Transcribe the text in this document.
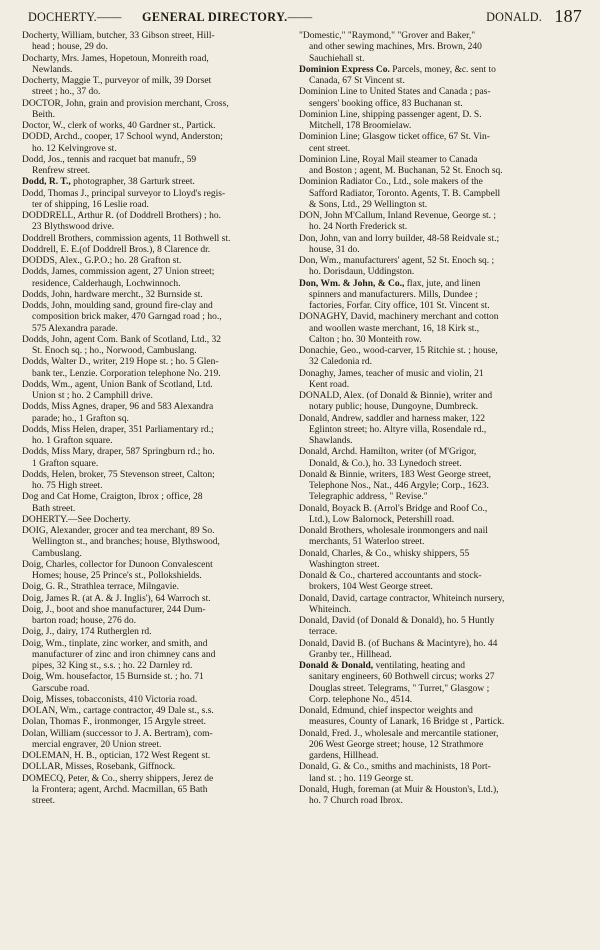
DOCHERTY.—— GENERAL DIRECTORY.——	DONALD. 187
Docherty, William, butcher, 33 Gibson street, Hill-

head ; house, 29 do.
Docharty, Mrs. James, Hopetoun, Monreith road,

Newlands.
Docherty, Maggie T., purveyor of milk, 39 Dorset

street ; ho., 37 do.
DOCTOR, John, grain and provision merchant, Cross,

Beith.
Doctor, W., clerk of works, 40 Gardner st., Partick.
DODD, Archd., cooper, 17 School wynd, Anderston;

ho. 12 Kelvingrove st.
Dodd, Jos., tennis and racquet bat manufr., 59

Renfrew street.
Dodd, R. T., photographer, 38 Garturk street.
Dodd, Thomas J., principal surveyor to Lloyd's regis-

ter of shipping, 16 Leslie road.
DODDRELL, Arthur R. (of Doddrell Brothers) ; ho.

23 Blythswood drive.
Doddrell Brothers, commission agents, 11 Bothwell st.
Doddrell, E. E.(of Doddrell Bros.), 8 Clarence dr.
DODDS, Alex., G.P.O.; ho. 28 Grafton st.
Dodds, James, commission agent, 27 Union street;

residence, Calderhaugh, Lochwinnoch.
Dodds, John, hardware mercht., 32 Burnside st.
Dodds, John, moulding sand, ground fire-clay and

composition brick maker, 470 Garngad road ; ho.,
575 Alexandra parade.
Dodds, John, agent Com. Bank of Scotland, Ltd., 32

St. Enoch sq. ; ho., Norwood, Cambuslang.
Dodds, Walter D., writer, 219 Hope st. ; ho. 5 Glen-

bank ter., Lenzie. Corporation telephone No. 219.
Dodds, Wm., agent, Union Bank of Scotland, Ltd.

Union st ; ho. 2 Camphill drive.
Dodds, Miss Agnes, draper, 96 and 583 Alexandra

parade; ho., 1 Grafton sq.
Dodds, Miss Helen, draper, 351 Parliamentary rd.;

ho. 1 Grafton square.
Dodds, Miss Mary, draper, 587 Springburn rd.; ho.

1 Grafton square.
Dodds, Helen, broker, 75 Stevenson street, Calton;

ho. 75 High street.
Dog and Cat Home, Craigton, Ibrox ; office, 28

Bath street.
DOHERTY.—See Docherty.
DOIG, Alexander, grocer and tea merchant, 89 So.

Wellington st., and branches; house, Blythswood,
Cambuslang.
Doig, Charles, collector for Dunoon Convalescent

Homes; house, 25 Prince's st., Pollokshields.
Doig, G. R., Strathlea terrace, Milngavie.
Doig, James R. (at A. & J. Inglis'), 64 Warroch st.
Doig, J., boot and shoe manufacturer, 244 Dum-

barton road; house, 276 do.
Doig, J., dairy, 174 Rutherglen rd.
Doig, Wm., tinplate, zinc worker, and smith, and

manufacturer of zinc and iron chimney cans and
pipes, 32 King st., s.s. ; ho. 22 Darnley rd.
Doig, Wm. housefactor, 15 Burnside st. ; ho. 71

Garscube road.
Doig, Misses, tobacconists, 410 Victoria road.
DOLAN, Wm., cartage contractor, 49 Dale st., s.s.
Dolan, Thomas F., ironmonger, 15 Argyle street.
Dolan, William (successor to J. A. Bertram), com-

mercial engraver, 20 Union street.
DOLEMAN, H. B., optician, 172 West Regent st.
DOLLAR, Misses, Rosebank, Giffnock.
DOMECQ, Peter, & Co., sherry shippers, Jerez de

la Frontera; agent, Archd. Macmillan, 65 Bath
street.
"Domestic," "Raymond," "Grover and Baker,"

and other sewing machines, Mrs. Brown, 240
Sauchiehall st.
Dominion Express Co. Parcels, money, &c. sent to

Canada, 67 St Vincent st.
Dominion Line to United States and Canada ; pas-

sengers' booking office, 83 Buchanan st.
Dominion Line, shipping passenger agent, D. S.

Mitchell, 178 Broomielaw.
Dominion Line; Glasgow ticket office, 67 St. Vin-

cent street.
Dominion Line, Royal Mail steamer to Canada

and Boston ; agent, M. Buchanan, 52 St. Enoch sq.
Dominion Radiator Co., Ltd., sole makers of the

Safford Radiator, Toronto. Agents, T. B. Campbell
& Sons, Ltd., 29 Wellington st.
DON, John M'Callum, Inland Revenue, George st. ;

ho. 24 North Frederick st.
Don, John, van and lorry builder, 48-58 Reidvale st.;

house, 31 do.
Don, Wm., manufacturers' agent, 52 St. Enoch sq. ;

ho. Dorisdaun, Uddingston.
Don, Wm. & John, & Co., flax, jute, and linen

spinners and manufacturers. Mills, Dundee ;
factories, Forfar. City office, 101 St. Vincent st.
DONAGHY, David, machinery merchant and cotton

and woollen waste merchant, 16, 18 Kirk st.,
Calton ; ho. 30 Monteith row.
Donachie, Geo., wood-carver, 15 Ritchie st. ; house,

32 Caledonia rd.
Donaghy, James, teacher of music and violin, 21

Kent road.
DONALD, Alex. (of Donald & Binnie), writer and

notary public; house, Dungoyne, Dumbreck.
Donald, Andrew, saddler and harness maker, 122

Eglinton street; ho. Altyre villa, Rosendale rd.,
Shawlands.
Donald, Archd. Hamilton, writer (of M'Grigor,

Donald, & Co.), ho. 33 Lynedoch street.
Donald & Binnie, writers, 183 West George street,

Telephone Nos., Nat., 446 Argyle; Corp., 1623.
Telegraphic address, " Revise."
Donald, Boyack B. (Arrol's Bridge and Roof Co.,

Ltd.), Low Balornock, Petershill road.
Donald Brothers, wholesale ironmongers and nail

merchants, 51 Waterloo street.
Donald, Charles, & Co., whisky shippers, 55

Washington street.
Donald & Co., chartered accountants and stock-

brokers, 104 West George street.
Donald, David, cartage contractor, Whiteinch nursery,

Whiteinch.
Donald, David (of Donald & Donald), ho. 5 Huntly

terrace.
Donald, David B. (of Buchans & Macintyre), ho. 44

Granby ter., Hillhead.
Donald & Donald, ventilating, heating and

sanitary engineers, 60 Bothwell circus; works 27
Douglas street. Telegrams, " Turret," Glasgow ;
Corp. telephone No., 4514.
Donald, Edmund, chief inspector weights and

measures, County of Lanark, 16 Bridge st , Partick.
Donald, Fred. J., wholesale and mercantile stationer,

206 West George street; house, 12 Strathmore
gardens, Hillhead.
Donald, G. & Co., smiths and machinists, 18 Port-

land st. ; ho. 119 George st.
Donald, Hugh, foreman (at Muir & Houston's, Ltd.),

ho. 7 Church road Ibrox.
